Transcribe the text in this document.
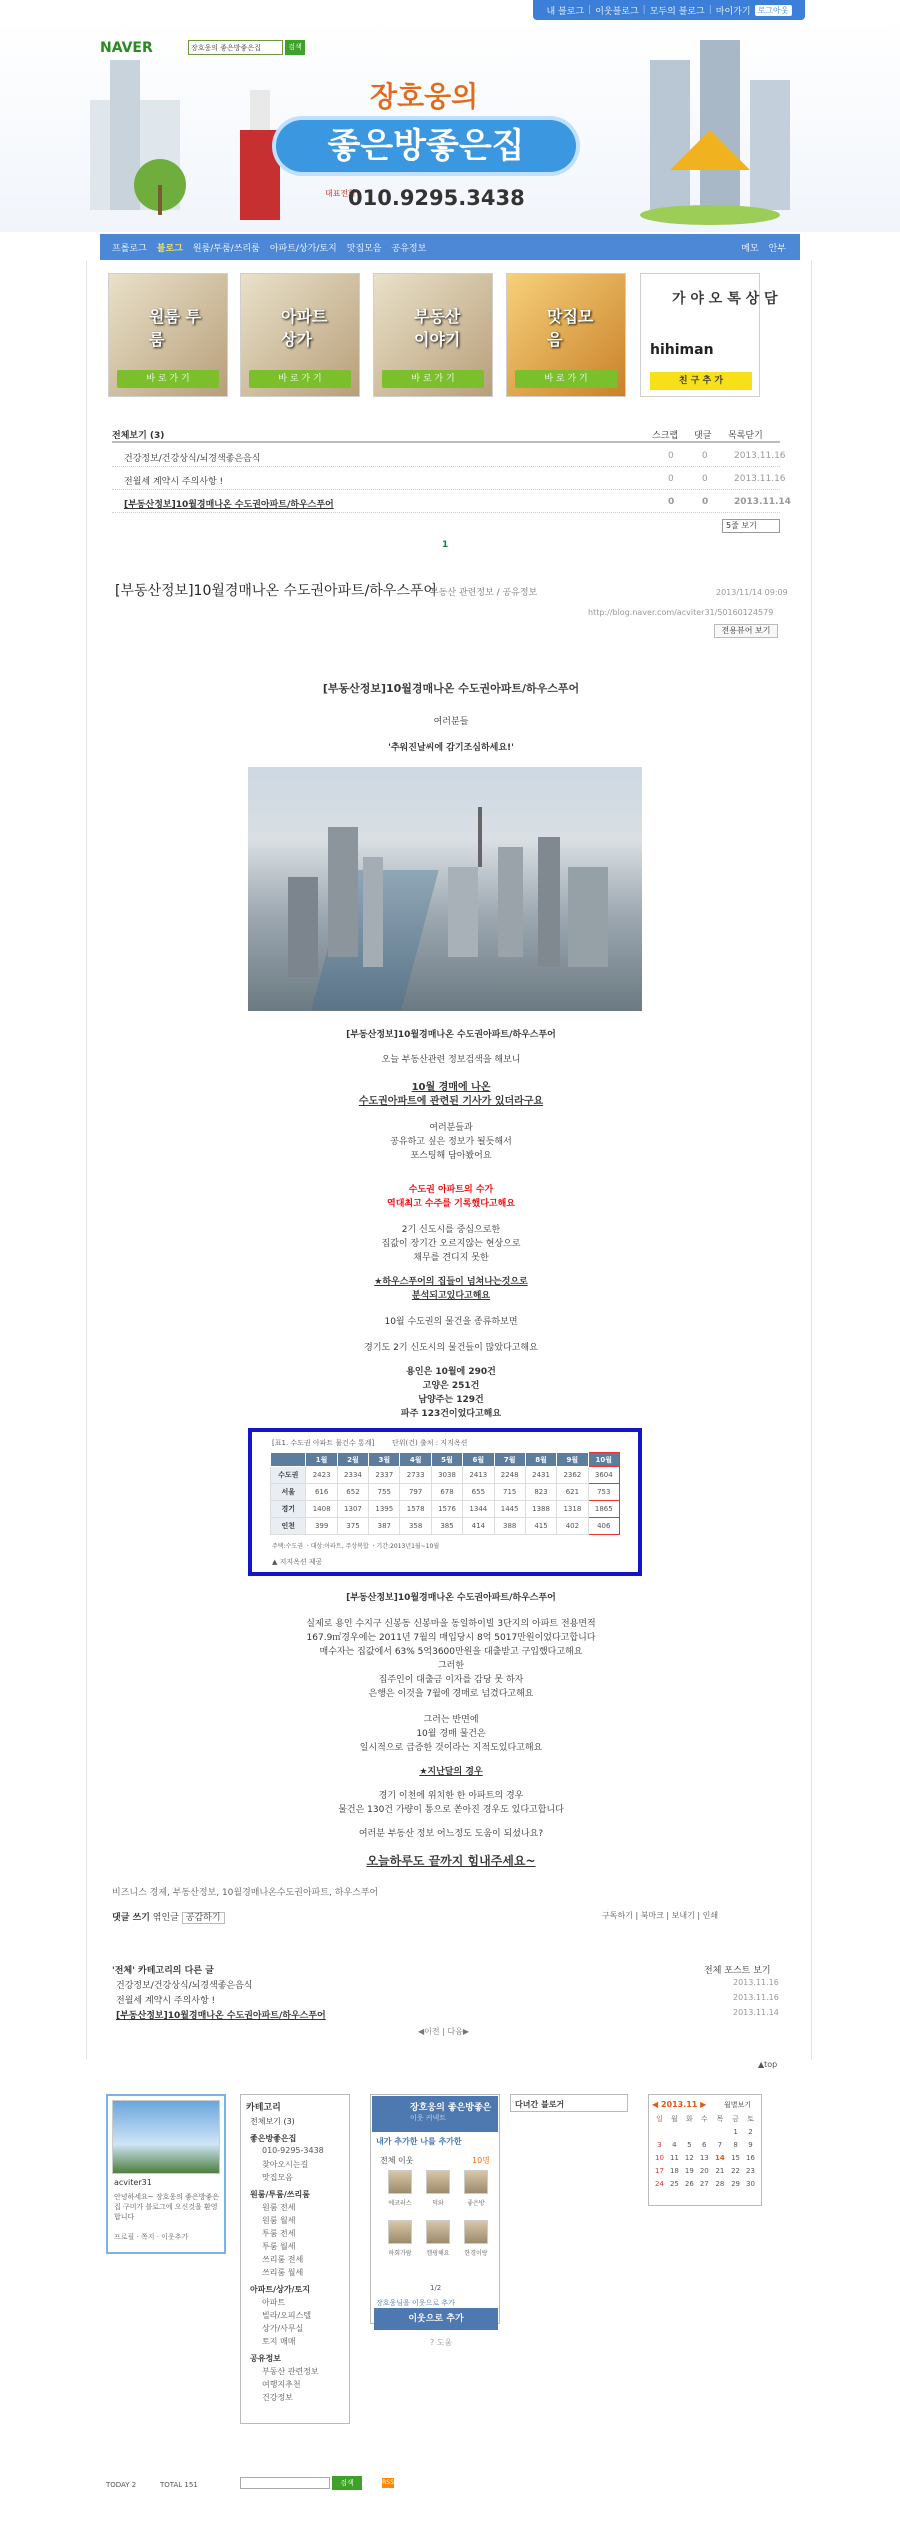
내 블로그 | 이웃블로그 | 모두의 블로그 | 마이가기 로그아웃
NAVER	장호웅의 좋은방좋은집	검색
장호웅의
좋은방좋은집
대표전화
010.9295.3438
프롤로그 블로그 원룸/투룸/쓰리룸 아파트/상가/토지 맛집모음 공유정보	메모 안부
원룸 투룸
바 로 가 기
아파트 상가
바 로 가 기
부동산 이야기
바 로 가 기
맛집모음
바 로 가 기
가 야 오 톡 상 담
hihiman
친 구 추 가
전체보기 (3)	스크랩 댓글 목록닫기
건강정보/건강상식/뇌경색좋은음식	0	0	2013.11.16
전월세 계약시 주의사항 !	0	0	2013.11.16
[부동산정보]10월경매나온 수도권아파트/하우스푸어	0	0	2013.11.14
5줄 보기
1
[부동산정보]10월경매나온 수도권아파트/하우스푸어
부동산 관련정보 / 공유정보	2013/11/14 09:09
http://blog.naver.com/acviter31/50160124579
전용뷰어 보기
[부동산정보]10월경매나온 수도권아파트/하우스푸어
여러분들
'추워진날씨에 감기조심하세요!'
[부동산정보]10월경매나온 수도권아파트/하우스푸어
오늘 부동산관련 정보검색을 해보니
10월 경매에 나온
수도권아파트에 관련된 기사가 있더라구요
여러분들과
공유하고 싶은 정보가 될듯해서
포스팅해 담아봤어요
수도권 아파트의 수가
역대최고 수주를 기록했다고해요
2기 신도시를 중심으로한
집값이 장기간 오르지않는 현상으로
채무를 견디지 못한
★하우스푸어의 집들이 넘쳐나는것으로
분석되고있다고해요
10월 수도권의 물건을 종류하보면
경기도 2기 신도시의 물건들이 많았다고해요
용인은 10월에 290건
고양은 251건
남양주는 129건
파주 123건이었다고해요
[표1. 수도권 아파트 물건수 통계]	단위(건) 출처 : 지지옥션
	1월	2월	3월	4월	5월	6월	7월	8월	9월	10월
수도권	2423	2334	2337	2733	3038	2413	2248	2431	2362	3604
서울	616	652	755	797	678	655	715	823	621	753
경기	1408	1307	1395	1578	1576	1344	1445	1388	1318	1865
인천	399	375	387	358	385	414	388	415	402	406
주택:수도권 ㆍ대상:아파트, 주상복합 ㆍ기간:2013년1월~10월
▲ 지지옥션 제공
[부동산정보]10월경매나온 수도권아파트/하우스푸어
실제로 용인 수지구 신봉동 신봉마을 동일하이빌 3단지의 아파트 전용면적
167.9㎡경우에는 2011년 7월의 매입당시 8억 5017만원이었다고합니다
매수자는 집값에서 63% 5억3600만원을 대출받고 구입했다고해요
그러한
집주인이 대출금 이자를 감당 못 하자
은행은 이것을 7월에 경매로 넘겼다고해요
그러는 반면에
10월 경매 물건은
일시적으로 급증한 것이라는 지적도있다고해요
★지난달의 경우
경기 이천에 위치한 한 아파트의 경우
물건은 130건 가량이 통으로 쏟아진 경우도 있다고합니다
여러분 부동산 정보 어느정도 도움이 되셨나요?
오늘하루도 끝까지 힘내주세요~
비즈니스 경제, 부동산정보, 10월경매나온수도권아파트, 하우스푸어
댓글 쓰기 엮인글 공감하기	구독하기 | 북마크 | 보내기 | 인쇄
'전체' 카테고리의 다른 글	전체 포스트 보기
건강정보/건강상식/뇌경색좋은음식	2013.11.16
전월세 계약시 주의사항 !	2013.11.16
[부동산정보]10월경매나온 수도권아파트/하우스푸어	2013.11.14
◀이전 | 다음▶
▲top
acviter31
안녕하세요~ 장호웅의 좋은방좋은집 구미가 블로그에 오신것을 환영합니다
프로필 · 쪽지 · 이웃추가
카테고리
전체보기 (3)
좋은방좋은집
010-9295-3438
찾아오시는길
맛집모음
원룸/투룸/쓰리룸
원룸 전세
원룸 월세
투룸 전세
투룸 월세
쓰리룸 전세
쓰리룸 월세
아파트/상가/토지
아파트
빌라/오피스텔
상가/사무실
토지 매매
공유정보
부동산 관련정보
여행지추천
건강정보
장호웅의 좋은방좋은
이웃 커넥트
내가 추가한 나를 추가한
전체 이웃	10명
에코러스	덕와	좋은방
하회가람	캠핑해요	한경이랑
1/2
장호웅님을 이웃으로 추가
이웃으로 추가
? 도움
다녀간 블로거	◀ 2013.11 ▶	월별보기
일	월	화	수	목	금	토
					1	2
3	4	5	6	7	8	9
10	11	12	13	14	15	16
17	18	19	20	21	22	23
24	25	26	27	28	29	30
TODAY 2	TOTAL 151	검색	RSS
